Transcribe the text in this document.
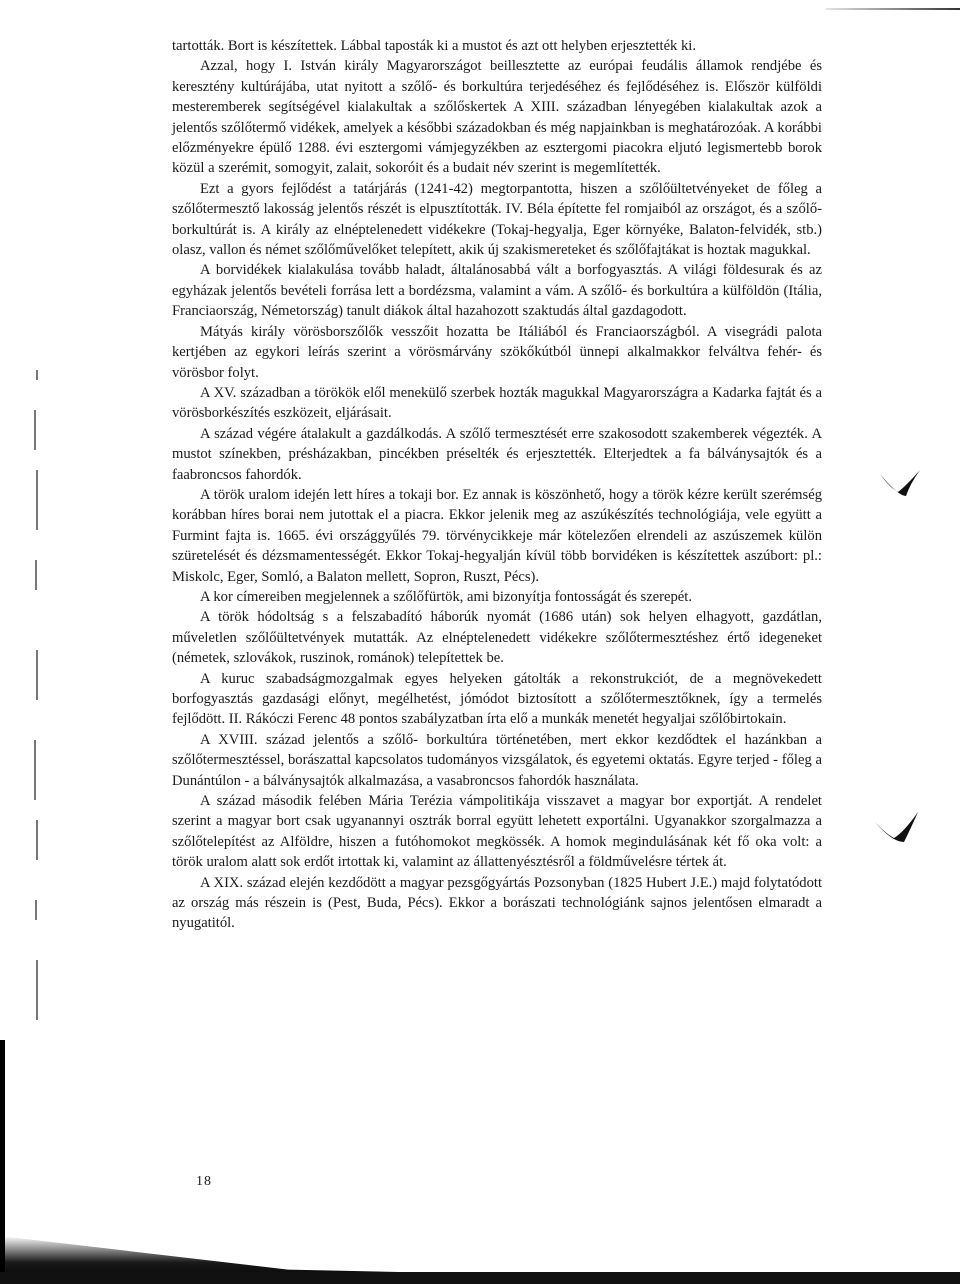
tartották. Bort is készítettek. Lábbal taposták ki a mustot és azt ott helyben erjesztették ki.

Azzal, hogy I. István király Magyarországot beillesztette az európai feudális államok rendjébe és keresztény kultúrájába, utat nyitott a szőlő- és borkultúra terjedéséhez és fejlődéséhez is. Először külföldi mesteremberek segítségével kialakultak a szőlőskertek A XIII. században lényegében kialakultak azok a jelentős szőlőtermő vidékek, amelyek a későbbi századokban és még napjainkban is meghatározóak. A korábbi előzményekre épülő 1288. évi esztergomi vámjegyzékben az esztergomi piacokra eljutó legismertebb borok közül a szerémit, somogyit, zalait, sokoróit és a budait név szerint is megemlítették.

Ezt a gyors fejlődést a tatárjárás (1241-42) megtorpantotta, hiszen a szőlőültetvényeket de főleg a szőlőtermesztő lakosság jelentős részét is elpusztították. IV. Béla építette fel romjaiból az országot, és a szőlő- borkultúrát is. A király az elnéptelenedett vidékekre (Tokaj-hegyalja, Eger környéke, Balaton-felvidék, stb.) olasz, vallon és német szőlőművelőket telepített, akik új szakismereteket és szőlőfajtákat is hoztak magukkal.

A borvidékek kialakulása tovább haladt, általánosabbá vált a borfogyasztás. A világi földesurak és az egyházak jelentős bevételi forrása lett a bordézsma, valamint a vám. A szőlő- és borkultúra a külföldön (Itália, Franciaország, Németország) tanult diákok által hazahozott szaktudás által gazdagodott.

Mátyás király vörösborszőlők vesszőit hozatta be Itáliából és Franciaországból. A visegrádi palota kertjében az egykori leírás szerint a vörösmárvány szökőkútból ünnepi alkalmakkor felváltva fehér- és vörösbor folyt.

A XV. században a törökök elől menekülő szerbek hozták magukkal Magyarországra a Kadarka fajtát és a vörösborkészítés eszközeit, eljárásait.

A század végére átalakult a gazdálkodás. A szőlő termesztését erre szakosodott szakemberek végezték. A mustot színekben, présházakban, pincékben préselték és erjesztették. Elterjedtek a fa bálványsajtók és a faabroncsos fahordók.

A török uralom idején lett híres a tokaji bor. Ez annak is köszönhető, hogy a török kézre került szerémség korábban híres borai nem jutottak el a piacra. Ekkor jelenik meg az aszúkészítés technológiája, vele együtt a Furmint fajta is. 1665. évi országgyűlés 79. törvénycikkeje már kötelezően elrendeli az aszúszemek külön szüretelését és dézsmamentességét. Ekkor Tokaj-hegyalján kívül több borvidéken is készítettek aszúbort: pl.: Miskolc, Eger, Somló, a Balaton mellett, Sopron, Ruszt, Pécs).

A kor címereiben megjelennek a szőlőfürtök, ami bizonyítja fontosságát és szerepét.

A török hódoltság s a felszabadító háborúk nyomát (1686 után) sok helyen elhagyott, gazdátlan, műveletlen szőlőültetvények mutatták. Az elnéptelenedett vidékekre szőlőtermesztéshez értő idegeneket (németek, szlovákok, ruszinok, románok) telepítettek be.

A kuruc szabadságmozgalmak egyes helyeken gátolták a rekonstrukciót, de a megnövekedett borfogyasztás gazdasági előnyt, megélhetést, jómódot biztosított a szőlőtermesztőknek, így a termelés fejlődött. II. Rákóczi Ferenc 48 pontos szabályzatban írta elő a munkák menetét hegyaljai szőlőbirtokain.

A XVIII. század jelentős a szőlő- borkultúra történetében, mert ekkor kezdődtek el hazánkban a szőlőtermesztéssel, borászattal kapcsolatos tudományos vizsgálatok, és egyetemi oktatás. Egyre terjed - főleg a Dunántúlon - a bálványsajtók alkalmazása, a vasabroncsos fahordók használata.

A század második felében Mária Terézia vámpolitikája visszavet a magyar bor exportját. A rendelet szerint a magyar bort csak ugyanannyi osztrák borral együtt lehetett exportálni. Ugyanakkor szorgalmazza a szőlőtelepítést az Alföldre, hiszen a futóhomokot megkössék. A homok megindulásának két fő oka volt: a török uralom alatt sok erdőt irtottak ki, valamint az állattenyésztésről a földművelésre tértek át.

A XIX. század elején kezdődött a magyar pezsgőgyártás Pozsonyban (1825 Hubert J.E.) majd folytatódott az ország más részein is (Pest, Buda, Pécs). Ekkor a borászati technológiánk sajnos jelentősen elmaradt a nyugatitól.

18
